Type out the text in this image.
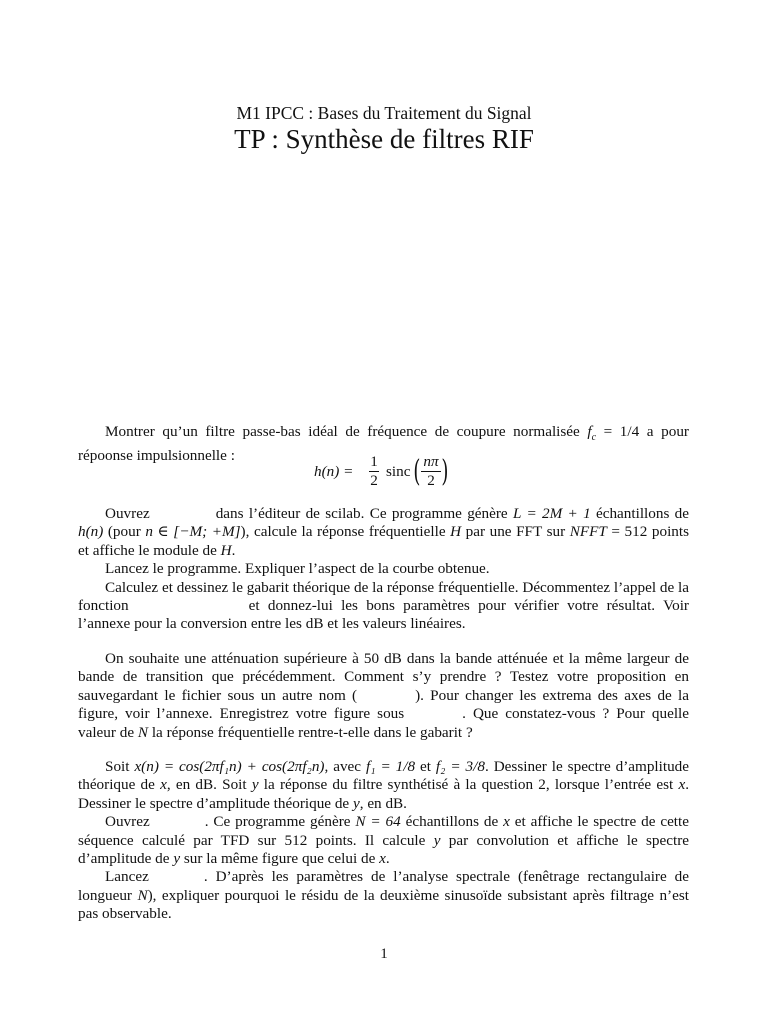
M1 IPCC : Bases du Traitement du Signal
TP : Synthèse de filtres RIF

Montrer qu’un filtre passe-bas idéal de fréquence de coupure normalisée $f_c = 1/4$ a pour répoonse impulsionnelle :

h(n) =
1
2
sinc ( nπ
2 )

Ouvrez	dans l’éditeur de scilab. Ce programme génère L = 2M + 1 échantillons de h(n) (pour n ∈ [−M; +M]), calcule la réponse fréquentielle H par une FFT sur NFFT = 512 points et affiche le module de H.

Lancez le programme. Expliquer l’aspect de la courbe obtenue.

Calculez et dessinez le gabarit théorique de la réponse fréquentielle. Décommentez l’appel de la fonction	et donnez-lui les bons paramètres pour vérifier votre résultat. Voir l’annexe pour la conversion entre les dB et les valeurs linéaires.

On souhaite une atténuation supérieure à 50 dB dans la bande atténuée et la même largeur de bande de transition que précédemment. Comment s’y prendre ? Testez votre proposition en sauvegardant le fichier sous un autre nom (	). Pour changer les extrema des axes de la figure, voir l’annexe. Enregistrez votre figure sous	. Que constatez-vous ? Pour quelle valeur de N la réponse fréquentielle rentre-t-elle dans le gabarit ?

Soit x(n) = cos(2πf₁n) + cos(2πf₂n), avec f₁ = 1/8 et f₂ = 3/8. Dessiner le spectre d’amplitude théorique de x, en dB. Soit y la réponse du filtre synthétisé à la question 2, lorsque l’entrée est x. Dessiner le spectre d’amplitude théorique de y, en dB.

Ouvrez	. Ce programme génère N = 64 échantillons de x et affiche le spectre de cette séquence calculé par TFD sur 512 points. Il calcule y par convolution et affiche le spectre d’amplitude de y sur la même figure que celui de x.

Lancez	. D’après les paramètres de l’analyse spectrale (fenêtrage rectangulaire de longueur N), expliquer pourquoi le résidu de la deuxième sinusoïde subsistant après filtrage n’est pas observable.

1
